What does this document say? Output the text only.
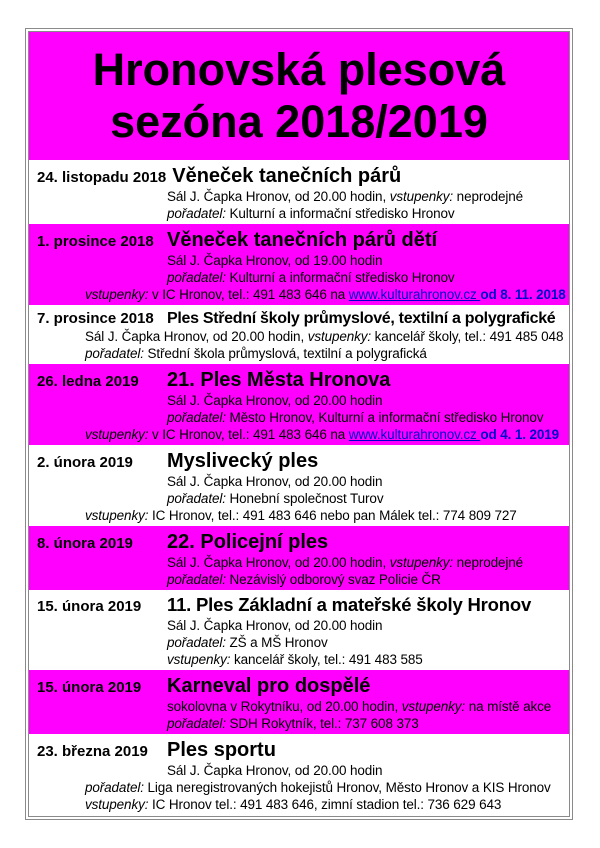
Hronovská plesová
sezóna 2018/2019
24. listopadu 2018 Věneček tanečních párů
Sál J. Čapka Hronov, od 20.00 hodin, vstupenky: neprodejné
pořadatel: Kulturní a informační středisko Hronov
1. prosince 2018 Věneček tanečních párů dětí
Sál J. Čapka Hronov, od 19.00 hodin
pořadatel: Kulturní a informační středisko Hronov
vstupenky: v IC Hronov, tel.: 491 483 646 na www.kulturahronov.cz od 8. 11. 2018
7. prosince 2018 Ples Střední školy průmyslové, textilní a polygrafické
Sál J. Čapka Hronov, od 20.00 hodin, vstupenky: kancelář školy, tel.: 491 485 048
pořadatel: Střední škola průmyslová, textilní a polygrafická
26. ledna 2019	21. Ples Města Hronova
Sál J. Čapka Hronov, od 20.00 hodin
pořadatel: Město Hronov, Kulturní a informační středisko Hronov
vstupenky: v IC Hronov, tel.: 491 483 646 na www.kulturahronov.cz od 4. 1. 2019
2. února 2019	Myslivecký ples
Sál J. Čapka Hronov, od 20.00 hodin
pořadatel: Honební společnost Turov
vstupenky: IC Hronov, tel.: 491 483 646 nebo pan Málek tel.: 774 809 727
8. února 2019	22. Policejní ples
Sál J. Čapka Hronov, od 20.00 hodin, vstupenky: neprodejné
pořadatel: Nezávislý odborový svaz Policie ČR
15. února 2019	11. Ples Základní a mateřské školy Hronov
Sál J. Čapka Hronov, od 20.00 hodin
pořadatel: ZŠ a MŠ Hronov
vstupenky: kancelář školy, tel.: 491 483 585
15. února 2019	Karneval pro dospělé
sokolovna v Rokytníku, od 20.00 hodin, vstupenky: na místě akce
pořadatel: SDH Rokytník, tel.: 737 608 373
23. března 2019 Ples sportu
Sál J. Čapka Hronov, od 20.00 hodin
pořadatel: Liga neregistrovaných hokejistů Hronov, Město Hronov a KIS Hronov
vstupenky: IC Hronov tel.: 491 483 646, zimní stadion tel.: 736 629 643
